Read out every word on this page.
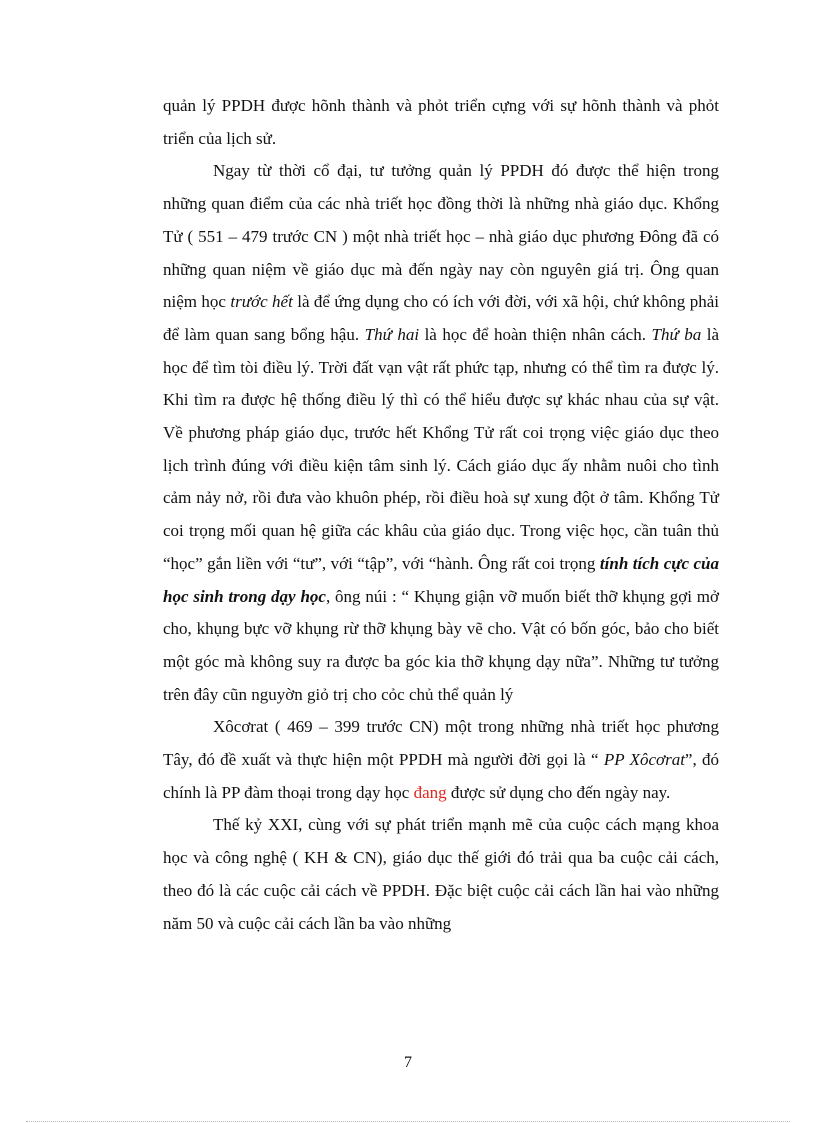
quản lý PPDH được hõnh thành và phỏt triển cựng với sự hõnh thành và phỏt triển của lịch sử.

Ngay từ thời cổ đại, tư tưởng quản lý PPDH đó được thể hiện trong những quan điểm của các nhà triết học đồng thời là những nhà giáo dục. Khổng Tử ( 551 – 479 trước CN ) một nhà triết học – nhà giáo dục phương Đông đã có những quan niệm về giáo dục mà đến ngày nay còn nguyên giá trị. Ông quan niệm học trước hết là để ứng dụng cho có ích với đời, với xã hội, chứ không phải để làm quan sang bổng hậu. Thứ hai là học để hoàn thiện nhân cách. Thứ ba là học để tìm tòi điều lý. Trời đất vạn vật rất phức tạp, nhưng có thể tìm ra được lý. Khi tìm ra được hệ thống điều lý thì có thể hiểu được sự khác nhau của sự vật. Về phương pháp giáo dục, trước hết Khổng Tử rất coi trọng việc giáo dục theo lịch trình đúng với điều kiện tâm sinh lý. Cách giáo dục ấy nhằm nuôi cho tình cảm nảy nở, rồi đưa vào khuôn phép, rồi điều hoà sự xung đột ở tâm. Khổng Tử coi trọng mối quan hệ giữa các khâu của giáo dục. Trong việc học, cần tuân thủ “học” gắn liền với “tư”, với “tập”, với “hành. Ông rất coi trọng tính tích cực của học sinh trong dạy học, ông núi : “ Khụng giận vỡ muốn biết thỡ khụng gợi mở cho, khụng bực vỡ khụng rừ thỡ khụng bày vẽ cho. Vật có bốn góc, bảo cho biết một góc mà không suy ra được ba góc kia thỡ khụng dạy nữa”. Những tư tưởng trên đây cũn nguyờn giỏ trị cho cỏc chủ thể quản lý

Xôcơrat ( 469 – 399 trước CN) một trong những nhà triết học phương Tây, đó đề xuất và thực hiện một PPDH mà người đời gọi là “ PP Xôcơrat”, đó chính là PP đàm thoại trong dạy học đang được sử dụng cho đến ngày nay.

Thế kỷ XXI, cùng với sự phát triển mạnh mẽ của cuộc cách mạng khoa học và công nghệ ( KH & CN), giáo dục thế giới đó trải qua ba cuộc cải cách, theo đó là các cuộc cải cách về PPDH. Đặc biệt cuộc cải cách lần hai vào những năm 50 và cuộc cải cách lần ba vào những

7
